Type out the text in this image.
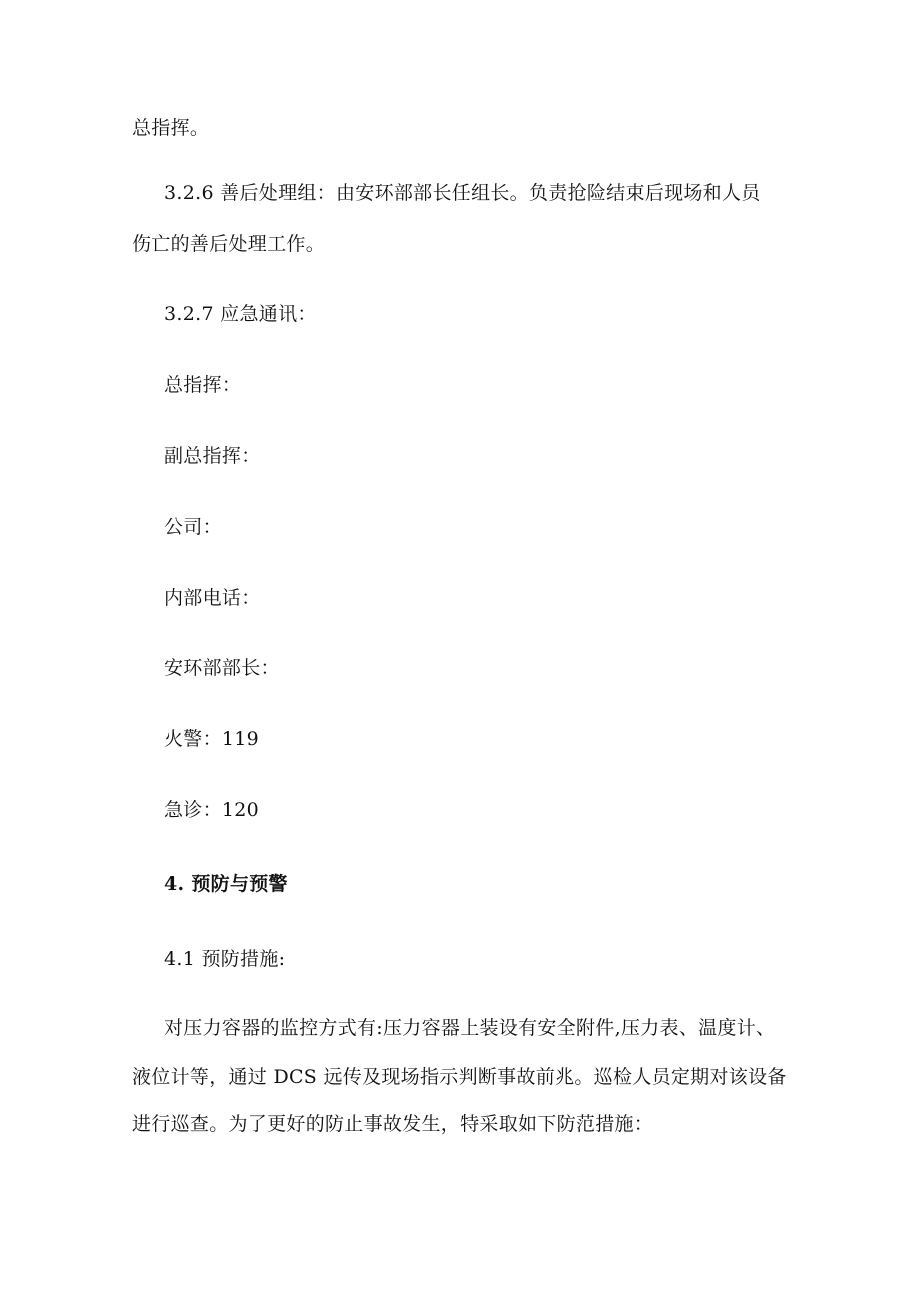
总指挥。
3.2.6 善后处理组：由安环部部长任组长。负责抢险结束后现场和人员
伤亡的善后处理工作。
3.2.7 应急通讯：
总指挥：
副总指挥：
公司：
内部电话：
安环部部长：
火警：119
急诊：120
4. 预防与预警
4.1 预防措施:
对压力容器的监控方式有:压力容器上装设有安全附件,压力表、温度计、
液位计等，通过 DCS 远传及现场指示判断事故前兆。巡检人员定期对该设备
进行巡查。为了更好的防止事故发生，特采取如下防范措施：
